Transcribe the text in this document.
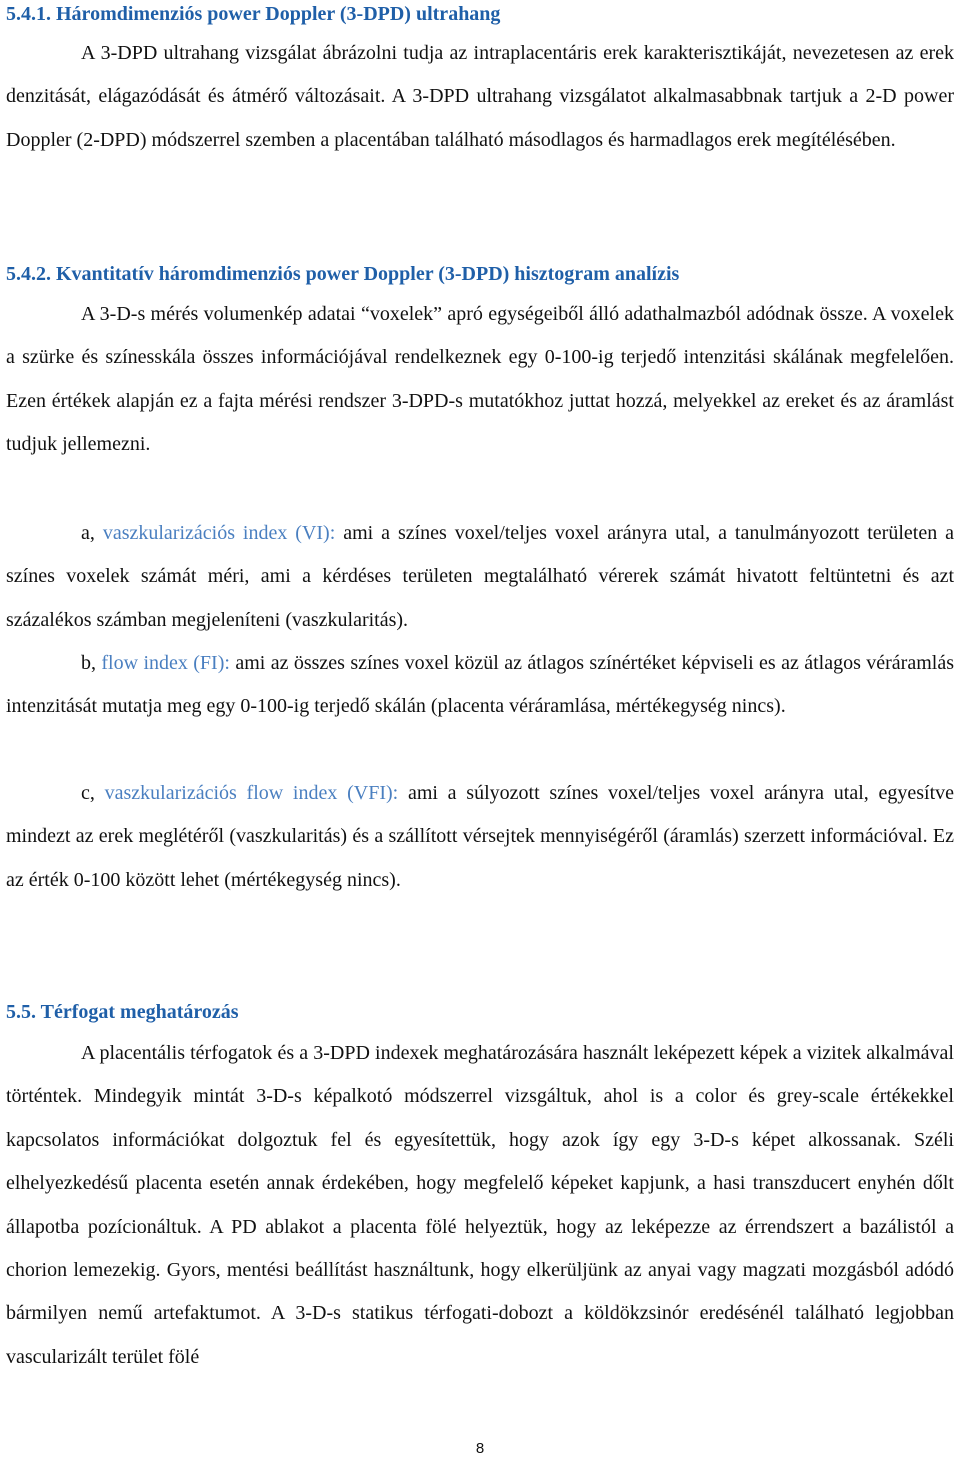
5.4.1. Háromdimenziós power Doppler (3-DPD) ultrahang

A 3-DPD ultrahang vizsgálat ábrázolni tudja az intraplacentáris erek karakterisztikáját, nevezetesen az erek denzitását, elágazódását és átmérő változásait. A 3-DPD ultrahang vizsgálatot alkalmasabbnak tartjuk a 2-D power Doppler (2-DPD) módszerrel szemben a placentában található másodlagos és harmadlagos erek megítélésében.

5.4.2. Kvantitatív háromdimenziós power Doppler (3-DPD) hisztogram analízis

A 3-D-s mérés volumenkép adatai “voxelek” apró egységeiből álló adathalmazból adódnak össze. A voxelek a szürke és színesskála összes információjával rendelkeznek egy 0-100-ig terjedő intenzitási skálának megfelelően. Ezen értékek alapján ez a fajta mérési rendszer 3-DPD-s mutatókhoz juttat hozzá, melyekkel az ereket és az áramlást tudjuk jellemezni.

a, vaszkularizációs index (VI): ami a színes voxel/teljes voxel arányra utal, a tanulmányozott területen a színes voxelek számát méri, ami a kérdéses területen megtalálható vérerek számát hivatott feltüntetni és azt százalékos számban megjeleníteni (vaszkularitás).

b, flow index (FI): ami az összes színes voxel közül az átlagos színértéket képviseli es az átlagos véráramlás intenzitását mutatja meg egy 0-100-ig terjedő skálán (placenta véráramlása, mértékegység nincs).

c, vaszkularizációs flow index (VFI): ami a súlyozott színes voxel/teljes voxel arányra utal, egyesítve mindezt az erek meglétéről (vaszkularitás) és a szállított vérsejtek mennyiségéről (áramlás) szerzett információval. Ez az érték 0-100 között lehet (mértékegység nincs).

5.5. Térfogat meghatározás

A placentális térfogatok és a 3-DPD indexek meghatározására használt leképezett képek a vizitek alkalmával történtek. Mindegyik mintát 3-D-s képalkotó módszerrel vizsgáltuk, ahol is a color és grey-scale értékekkel kapcsolatos információkat dolgoztuk fel és egyesítettük, hogy azok így egy 3-D-s képet alkossanak. Széli elhelyezkedésű placenta esetén annak érdekében, hogy megfelelő képeket kapjunk, a hasi transzducert enyhén dőlt állapotba pozícionáltuk. A PD ablakot a placenta fölé helyeztük, hogy az leképezze az érrendszert a bazálistól a chorion lemezekig. Gyors, mentési beállítást használtunk, hogy elkerüljünk az anyai vagy magzati mozgásból adódó bármilyen nemű artefaktumot. A 3-D-s statikus térfogati-dobozt a köldökzsinór eredésénél található legjobban vascularizált terület fölé

8
